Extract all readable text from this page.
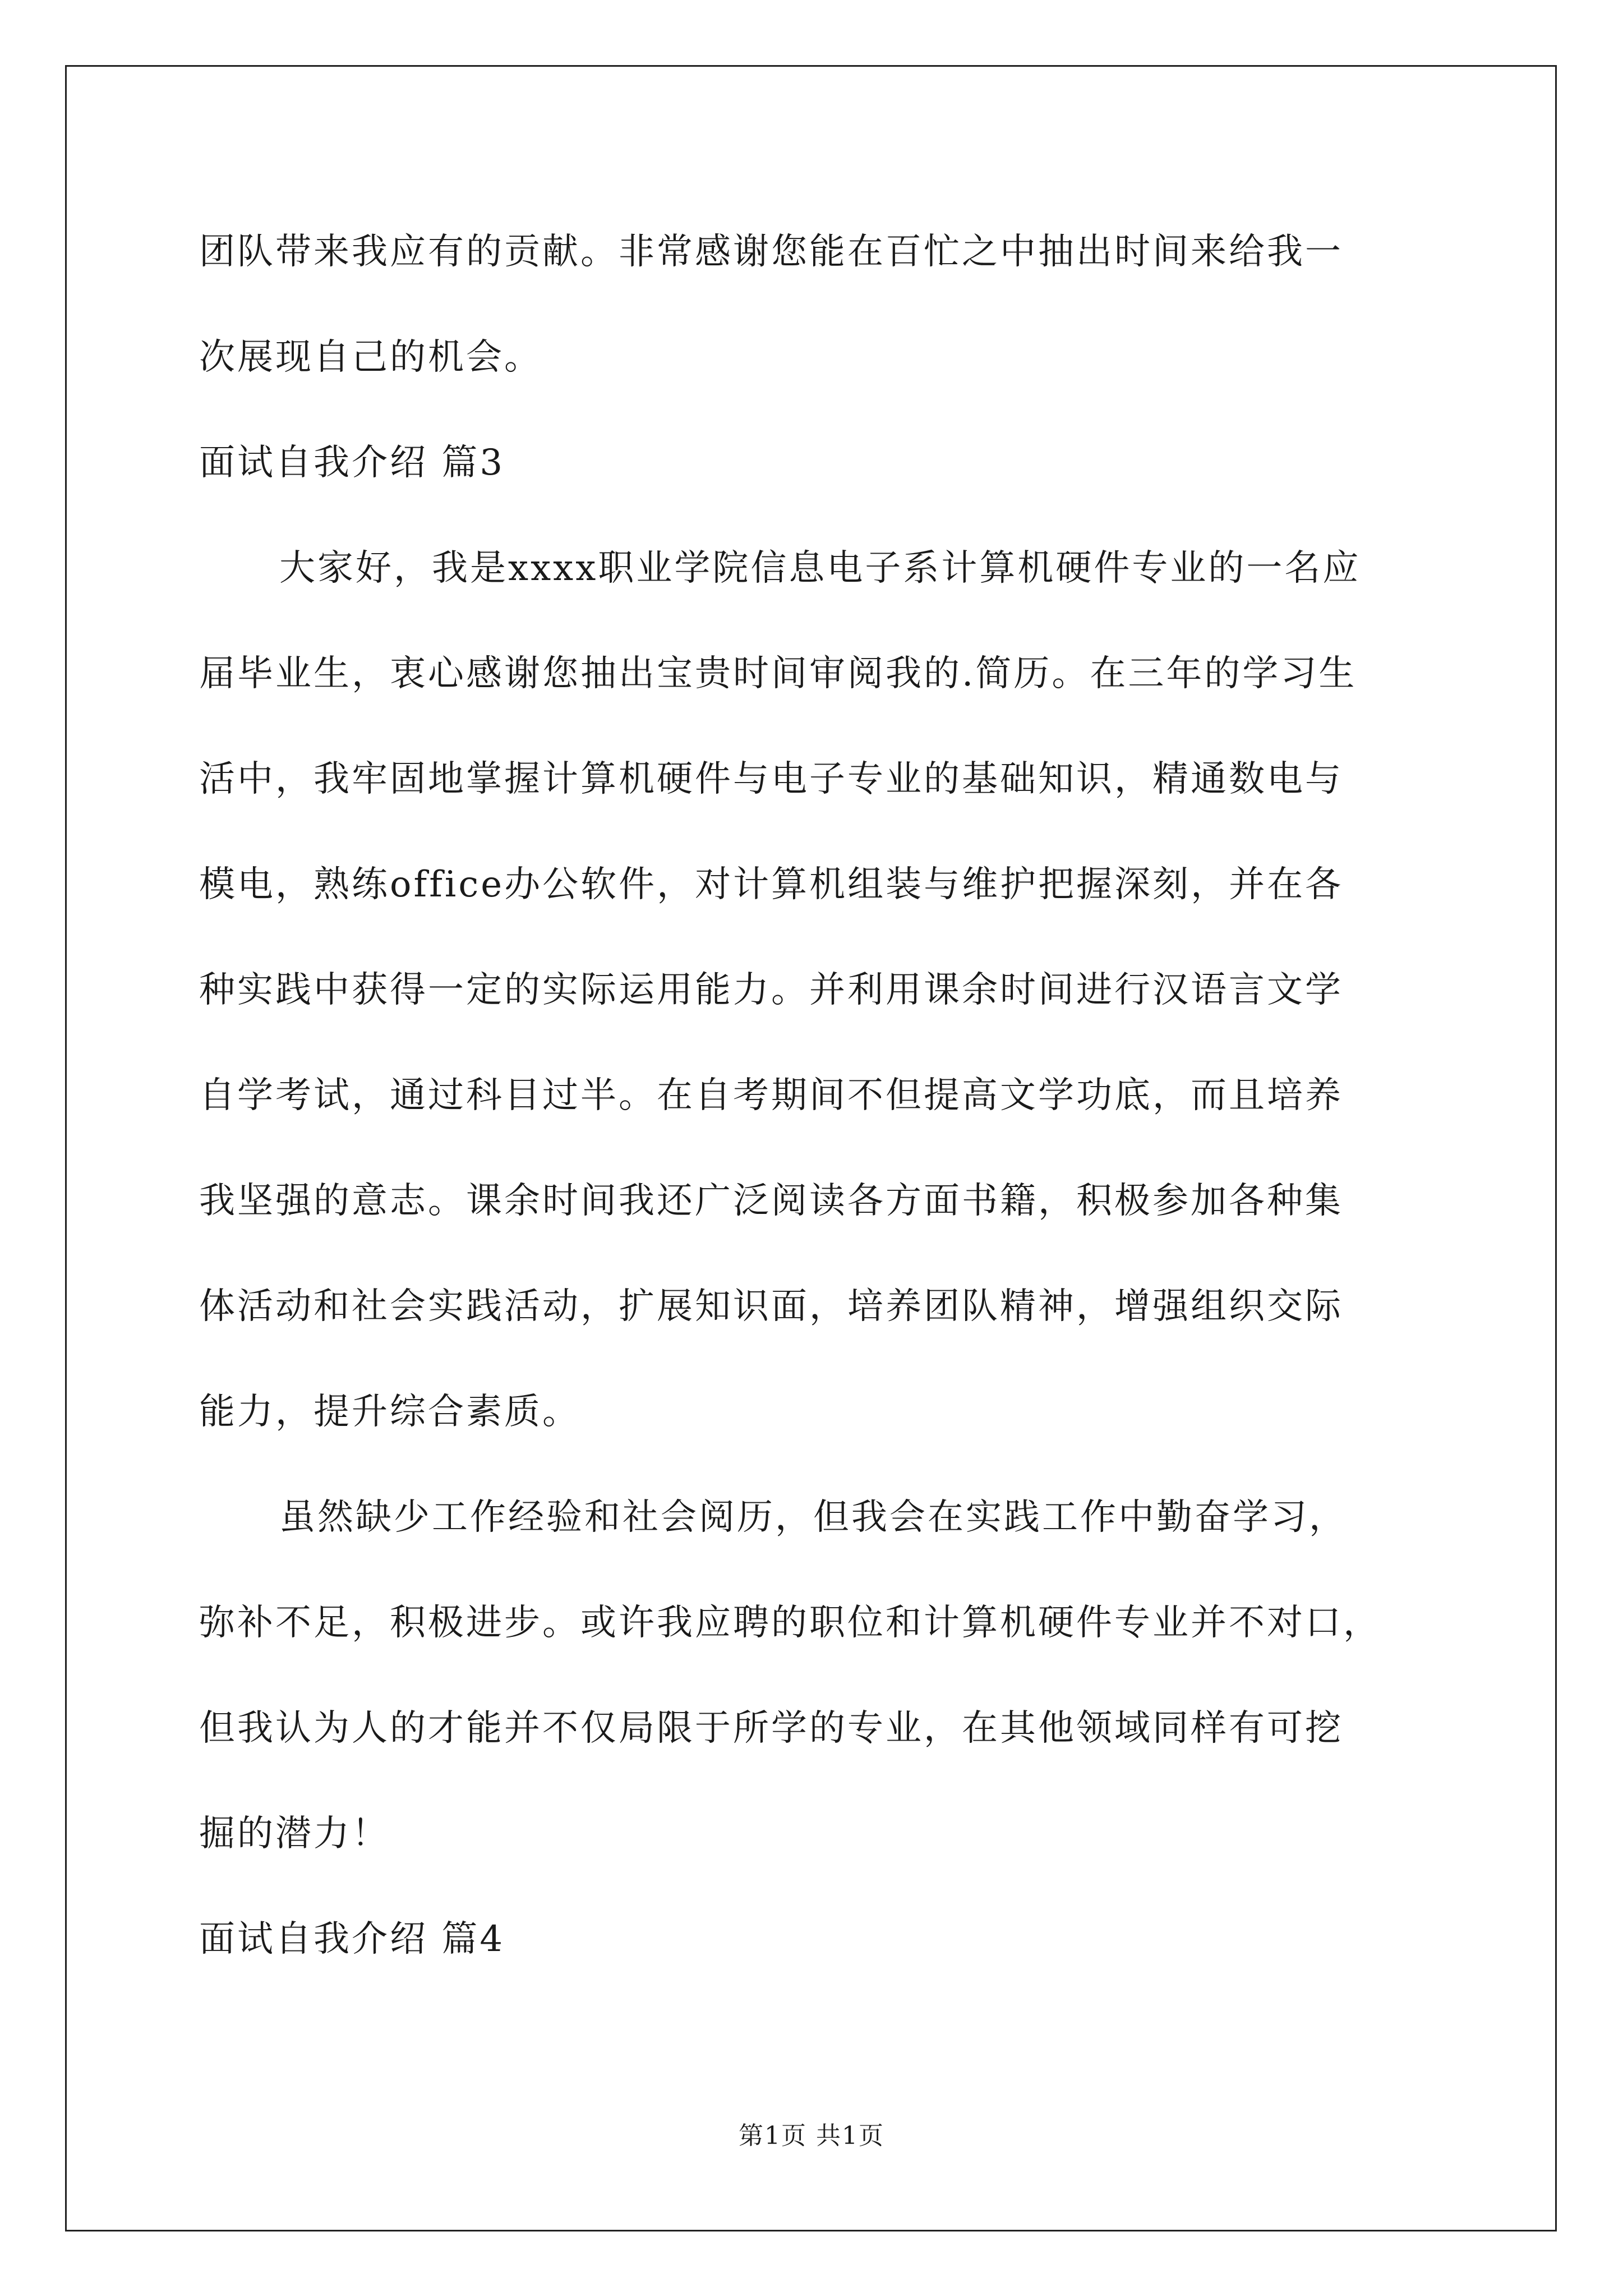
团队带来我应有的贡献。非常感谢您能在百忙之中抽出时间来给我一
次展现自己的机会。
面试自我介绍 篇3
大家好，我是xxxx职业学院信息电子系计算机硬件专业的一名应
届毕业生，衷心感谢您抽出宝贵时间审阅我的.简历。在三年的学习生
活中，我牢固地掌握计算机硬件与电子专业的基础知识，精通数电与
模电，熟练office办公软件，对计算机组装与维护把握深刻，并在各
种实践中获得一定的实际运用能力。并利用课余时间进行汉语言文学
自学考试，通过科目过半。在自考期间不但提高文学功底，而且培养
我坚强的意志。课余时间我还广泛阅读各方面书籍，积极参加各种集
体活动和社会实践活动，扩展知识面，培养团队精神，增强组织交际
能力，提升综合素质。
虽然缺少工作经验和社会阅历，但我会在实践工作中勤奋学习，
弥补不足，积极进步。或许我应聘的职位和计算机硬件专业并不对口，
但我认为人的才能并不仅局限于所学的专业，在其他领域同样有可挖
掘的潜力！
面试自我介绍 篇4
第1页 共1页
